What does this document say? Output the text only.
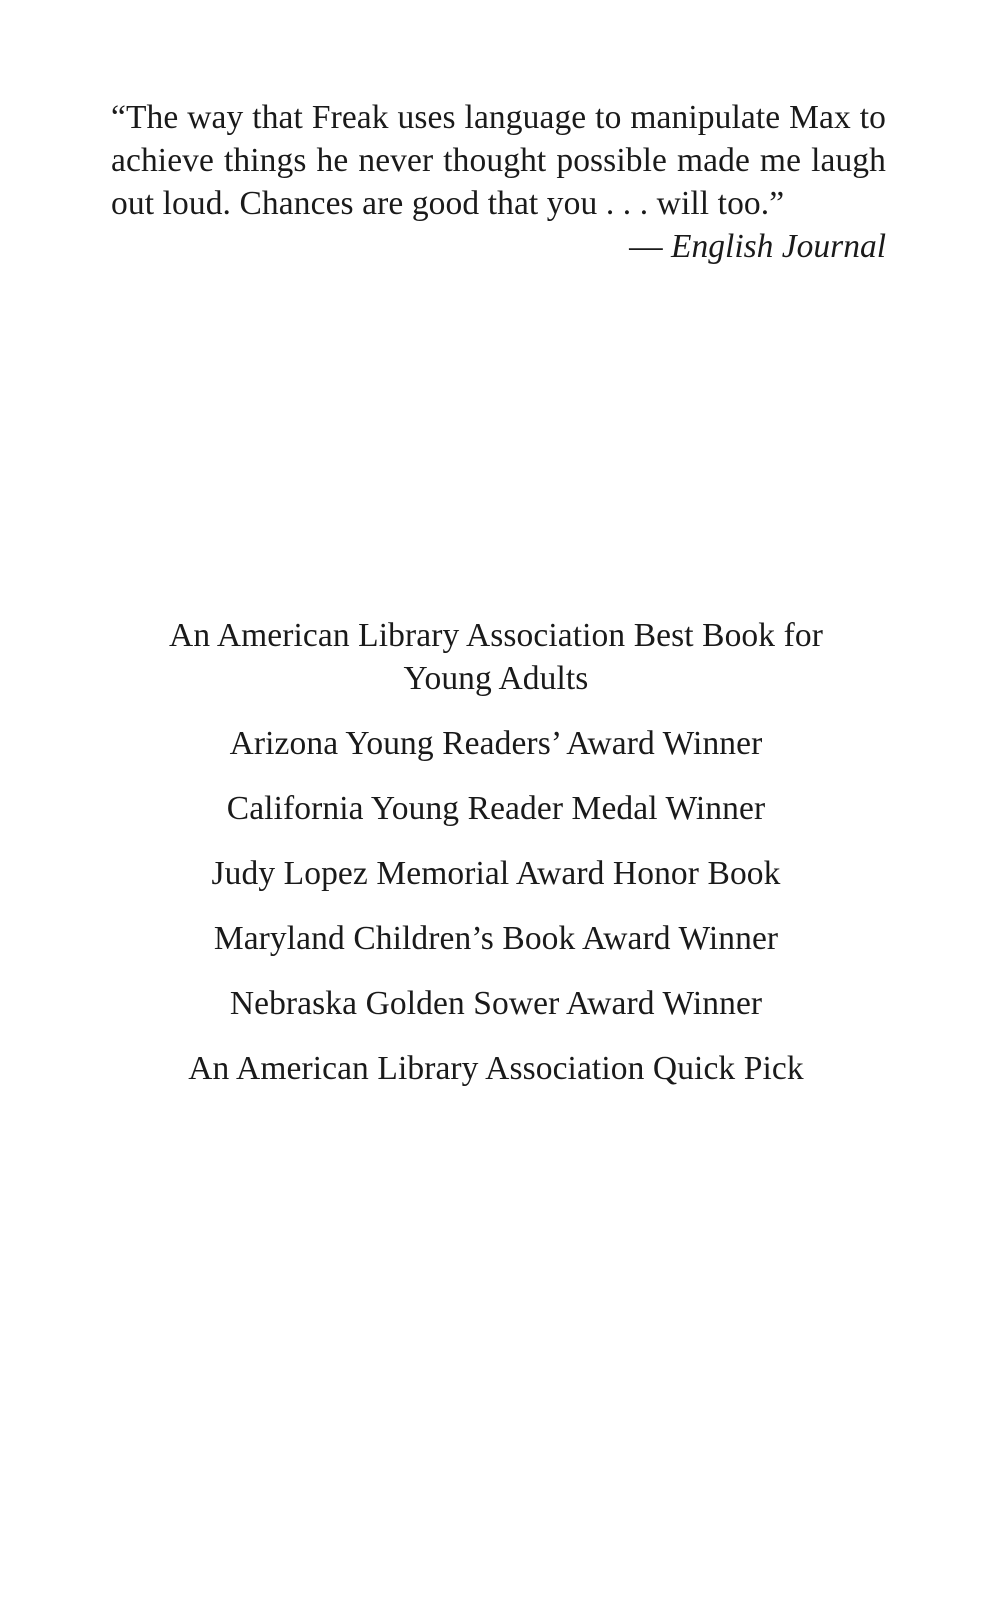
“The way that Freak uses language to manipulate Max to achieve things he never thought possible made me laugh out loud. Chances are good that you . . . will too.”

— English Journal

An American Library Association Best Book for Young Adults

Arizona Young Readers’ Award Winner

California Young Reader Medal Winner

Judy Lopez Memorial Award Honor Book

Maryland Children’s Book Award Winner

Nebraska Golden Sower Award Winner

An American Library Association Quick Pick
